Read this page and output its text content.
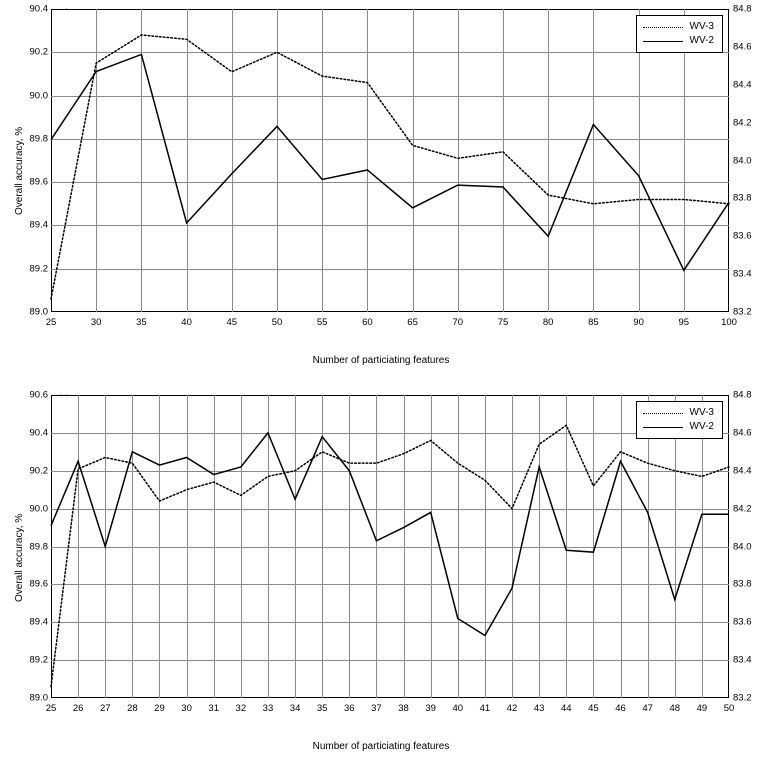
Overall accuracy, %
WV-3
WV-2
25	30	35	40	45	50	55	60	65	70	75	80	85	90	95	100
89.0
89.2
89.4
89.6
89.8
90.0
90.2
90.4
83.2
83.4
83.6
83.8
84.0
84.2
84.4
84.6
84.8
Number of particiating features
Overall accuracy, %
WV-3
WV-2
25 26 27 28 29 30 31 32 33 34 35 36 37 38 39 40 41 42 43 44 45 46 47 48 49 50
89.0
89.2
89.4
89.6
89.8
90.0
90.2
90.4
90.6
83.2
83.4
83.6
83.8
84.0
84.2
84.4
84.6
84.8
Number of particiating features
